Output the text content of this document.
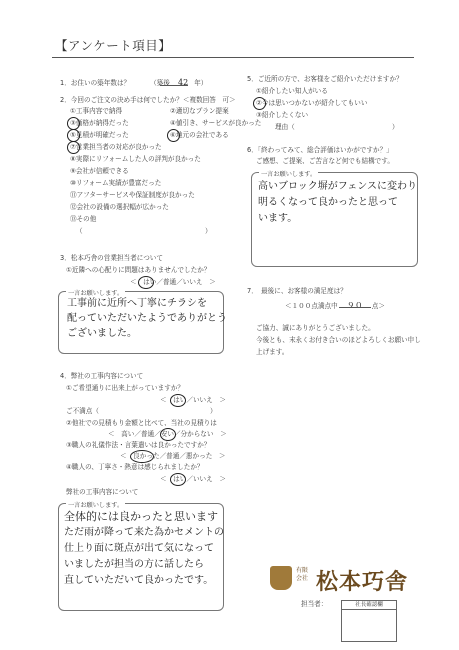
【アンケート項目】
1．お住いの築年数は？	（築後 42 年）
2．今回のご注文の決め手は何でしたか？＜複数回答　可＞
①工事内容で納得	②適切なプラン提案
③価格が納得だった	④値引き、サービスが良かった
⑤見積が明確だった	⑥地元の会社である
⑦営業担当者の対応が良かった
⑧実際にリフォームした人の評判が良かった
⑨会社が信頼できる
⑩リフォーム実績が豊富だった
⑪アフターサービスや保証制度が良かった
⑫会社の設備の選択幅が広かった
⑬その他
（	）
3．松本巧舎の営業担当者について
①近隣への心配りに問題はありませんでしたか？
＜　はい／普通／いいえ　＞
一言お願いします。
工事前に近所へ丁寧にチラシを
配っていただいたようでありがとう
ございました。
4．弊社の工事内容について
①ご希望通りに出来上がっていますか？
＜　はい／いいえ　＞
ご不満点（	）
②他社での見積もり金額と比べて、当社の見積りは
＜　高い／普通／安い／分からない　＞
③職人の礼儀作法・言葉遣いは良かったですか？
＜　良かった／普通／悪かった　＞
④職人の、丁寧さ・熱意は感じられましたか？
＜　はい／いいえ　＞
弊社の工事内容について
一言お願いします。
全体的には良かったと思います
ただ雨が降って来た為かセメントの
仕上り面に斑点が出て気になって
いましたが担当の方に話したら
直していただいて良かったです。
5．ご近所の方で、お客様をご紹介いただけますか？
①紹介したい知人がいる
②今は思いつかないが紹介してもいい
③紹介したくない
理由（	）
6．「終わってみて、総合評価はいかがですか？」
ご感想、ご提案、ご苦言など何でも結構です。
一言お願いします。
高いブロック塀がフェンスに変わり
明るくなって良かったと思って
います。
7．　最後に、お客様の満足度は？
＜１００点満点中 ９０ 点＞
ご協力、誠にありがとうございました。
今後とも、末永くお付き合いのほどよろしくお願い申し
上げます。
有限会社 松本巧舎
担当者：	社長確認欄
